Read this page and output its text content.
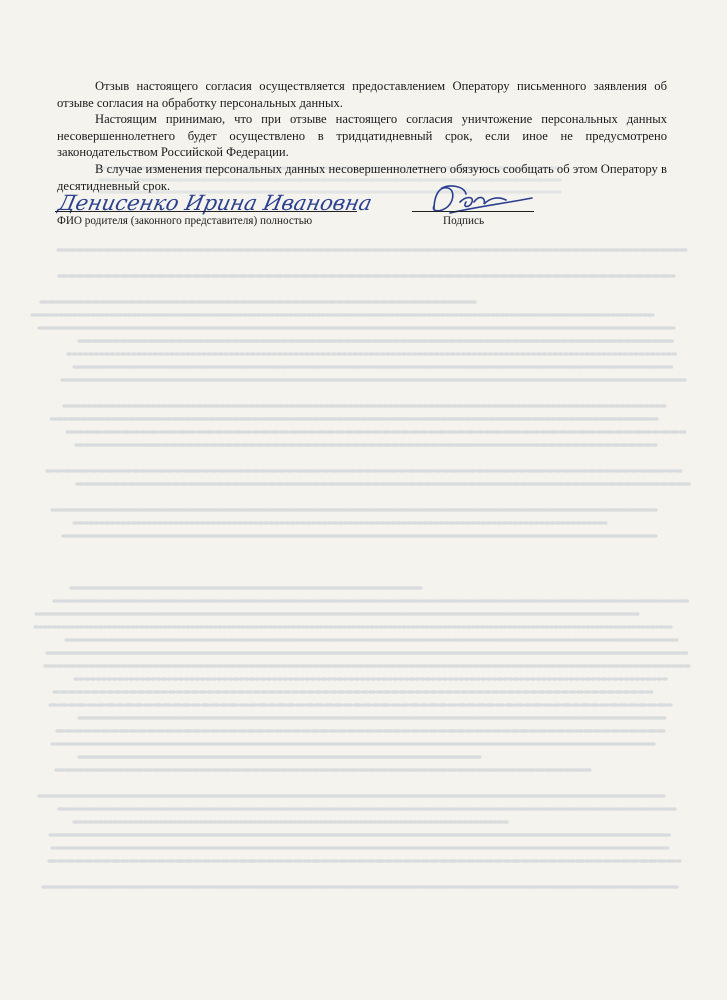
Отзыв настоящего согласия осуществляется предоставлением Оператору письменного заявления об отзыве согласия на обработку персональных данных.

Настоящим принимаю, что при отзыве настоящего согласия уничтожение персональных данных несовершеннолетнего будет осуществлено в тридцатидневный срок, если иное не предусмотрено законодательством Российской Федерации.

В случае изменения персональных данных несовершеннолетнего обязуюсь сообщать об этом Оператору в десятидневный срок.

Денисенко Ирина Ивановна
ФИО родителя (законного представителя) полностью	Подпись
